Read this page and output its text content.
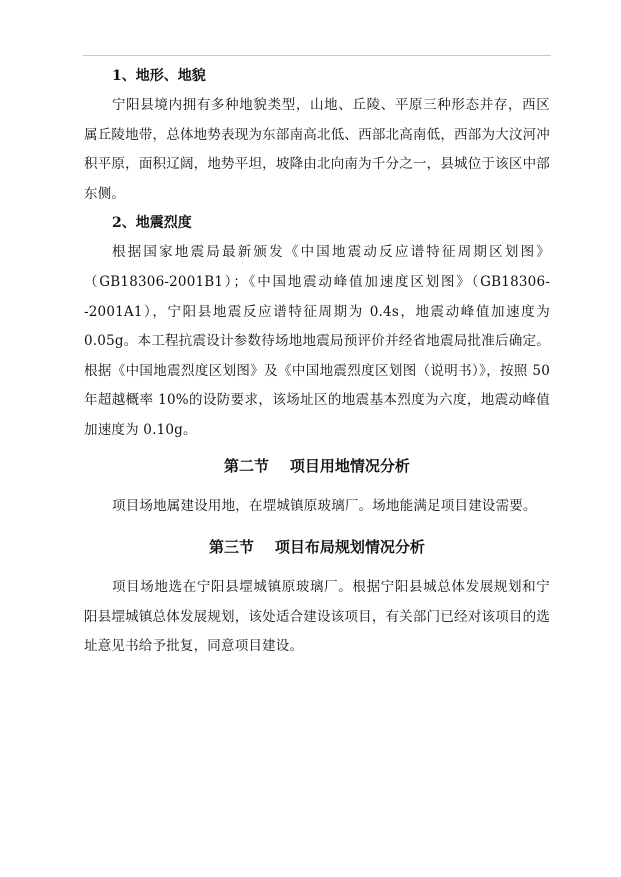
1、地形、地貌

宁阳县境内拥有多种地貌类型，山地、丘陵、平原三种形态并存，西区属丘陵地带，总体地势表现为东部南高北低、西部北高南低，西部为大汶河冲积平原，面积辽阔，地势平坦，坡降由北向南为千分之一，县城位于该区中部东侧。

2、地震烈度

根据国家地震局最新颁发《中国地震动反应谱特征周期区划图》（GB18306-2001B1）；《中国地震动峰值加速度区划图》（GB18306--2001A1），宁阳县地震反应谱特征周期为 0.4s，地震动峰值加速度为 0.05g。本工程抗震设计参数待场地地震局预评价并经省地震局批准后确定。根据《中国地震烈度区划图》及《中国地震烈度区划图（说明书）》，按照 50 年超越概率 10%的设防要求，该场址区的地震基本烈度为六度，地震动峰值加速度为 0.10g。

第二节    项目用地情况分析

项目场地属建设用地，在堽城镇原玻璃厂。场地能满足项目建设需要。

第三节    项目布局规划情况分析

项目场地选在宁阳县堽城镇原玻璃厂。根据宁阳县城总体发展规划和宁阳县堽城镇总体发展规划，该处适合建设该项目，有关部门已经对该项目的选址意见书给予批复，同意项目建设。
